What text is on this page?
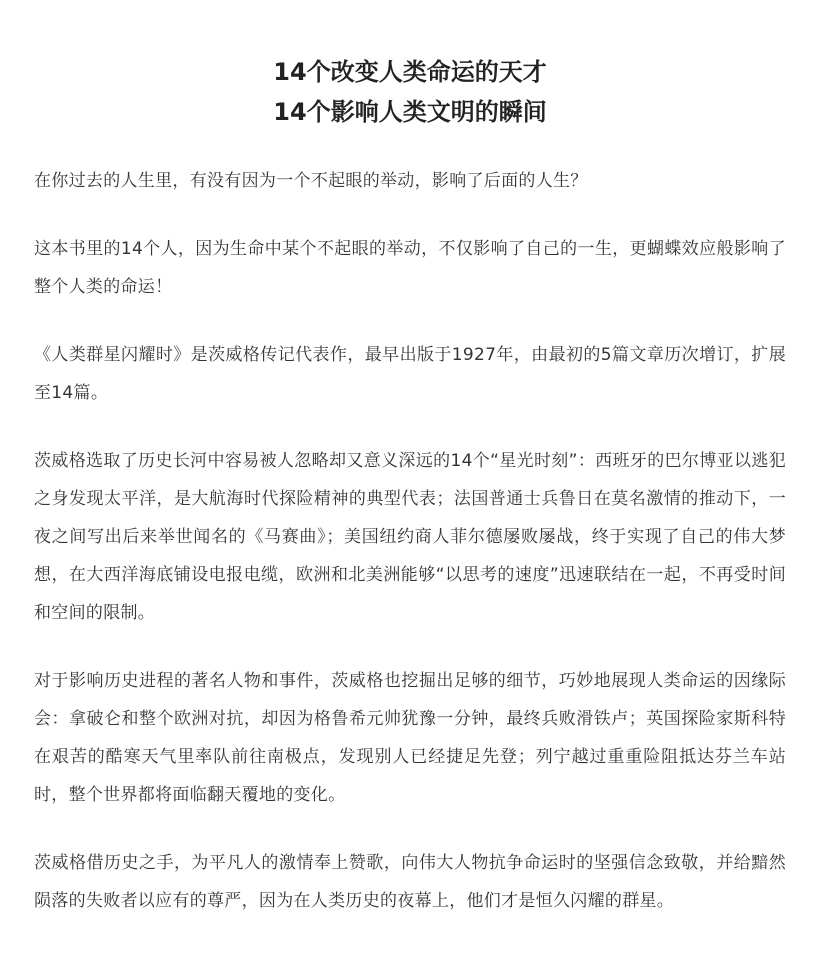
14个改变人类命运的天才

14个影响人类文明的瞬间

在你过去的人生里，有没有因为一个不起眼的举动，影响了后面的人生？

这本书里的14个人，因为生命中某个不起眼的举动，不仅影响了自己的一生，更蝴蝶效应般影响了整个人类的命运！

《人类群星闪耀时》是茨威格传记代表作，最早出版于1927年，由最初的5篇文章历次增订，扩展至14篇。

茨威格选取了历史长河中容易被人忽略却又意义深远的14个“星光时刻”：西班牙的巴尔博亚以逃犯之身发现太平洋，是大航海时代探险精神的典型代表；法国普通士兵鲁日在莫名激情的推动下，一夜之间写出后来举世闻名的《马赛曲》；美国纽约商人菲尔德屡败屡战，终于实现了自己的伟大梦想，在大西洋海底铺设电报电缆，欧洲和北美洲能够“以思考的速度”迅速联结在一起，不再受时间和空间的限制。

对于影响历史进程的著名人物和事件，茨威格也挖掘出足够的细节，巧妙地展现人类命运的因缘际会：拿破仑和整个欧洲对抗，却因为格鲁希元帅犹豫一分钟，最终兵败滑铁卢；英国探险家斯科特在艰苦的酷寒天气里率队前往南极点，发现别人已经捷足先登；列宁越过重重险阻抵达芬兰车站时，整个世界都将面临翻天覆地的变化。

茨威格借历史之手，为平凡人的激情奉上赞歌，向伟大人物抗争命运时的坚强信念致敬，并给黯然陨落的失败者以应有的尊严，因为在人类历史的夜幕上，他们才是恒久闪耀的群星。
